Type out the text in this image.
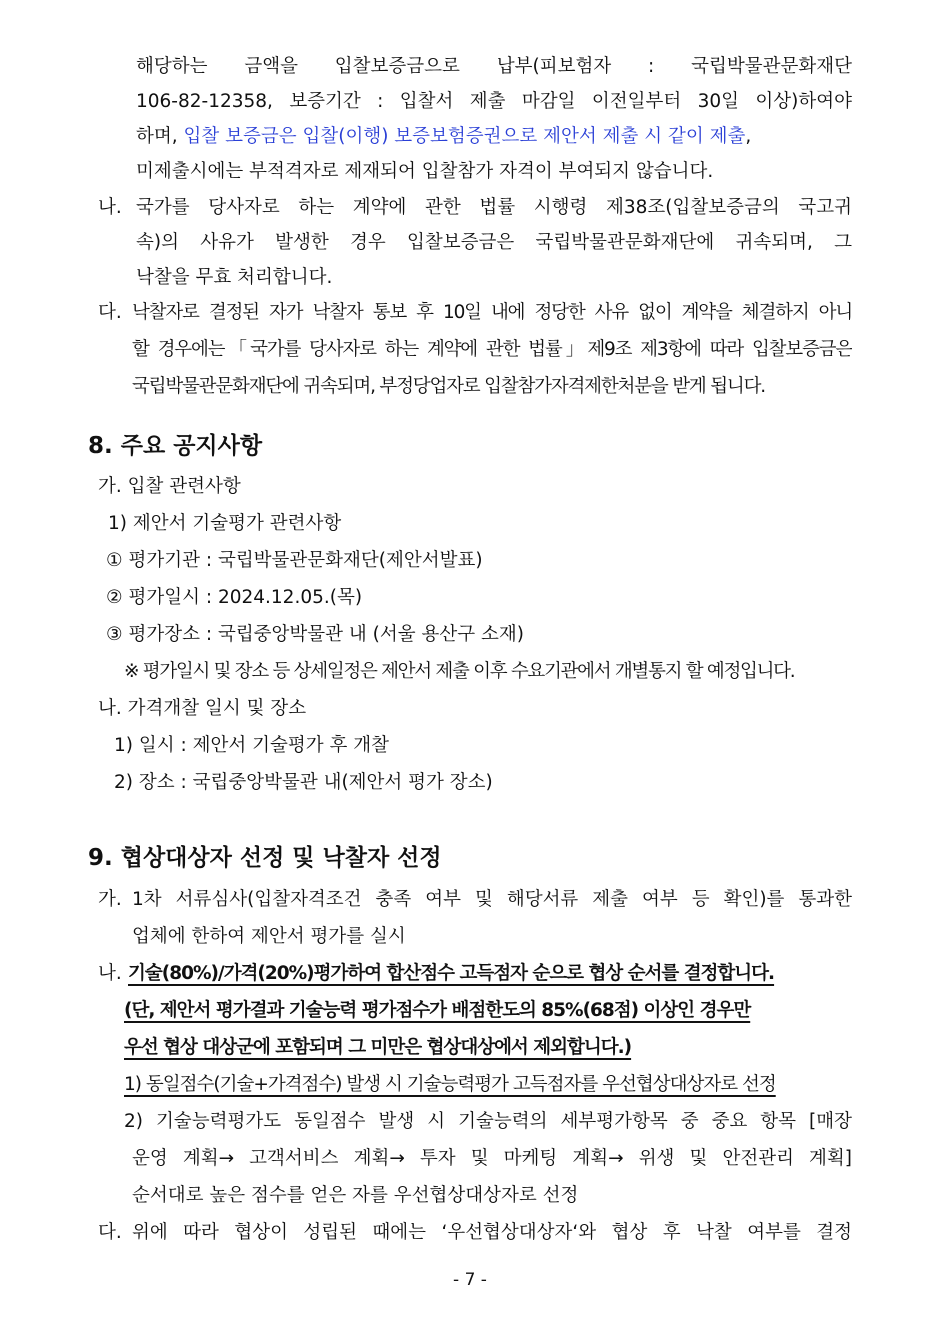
해당하는 금액을 입찰보증금으로 납부(피보험자 : 국립박물관문화재단
106-82-12358, 보증기간 : 입찰서 제출 마감일 이전일부터 30일 이상)하여야
하며, 입찰 보증금은 입찰(이행) 보증보험증권으로 제안서 제출 시 같이 제출,
미제출시에는 부적격자로 제재되어 입찰참가 자격이 부여되지 않습니다.
나. 국가를 당사자로 하는 계약에 관한 법률 시행령 제38조(입찰보증금의 국고귀
속)의 사유가 발생한 경우 입찰보증금은 국립박물관문화재단에 귀속되며, 그
낙찰을 무효 처리합니다.
다. 낙찰자로 결정된 자가 낙찰자 통보 후 10일 내에 정당한 사유 없이 계약을 체결하지 아니
할 경우에는「국가를 당사자로 하는 계약에 관한 법률」제9조 제3항에 따라 입찰보증금은
국립박물관문화재단에 귀속되며, 부정당업자로 입찰참가자격제한처분을 받게 됩니다.
8. 주요 공지사항
가. 입찰 관련사항
1) 제안서 기술평가 관련사항
① 평가기관 : 국립박물관문화재단(제안서발표)
② 평가일시 : 2024.12.05.(목)
③ 평가장소 : 국립중앙박물관 내 (서울 용산구 소재)
※ 평가일시 및 장소 등 상세일정은 제안서 제출 이후 수요기관에서 개별통지 할 예정입니다.
나. 가격개찰 일시 및 장소
1) 일시 : 제안서 기술평가 후 개찰
2) 장소 : 국립중앙박물관 내(제안서 평가 장소)
9. 협상대상자 선정 및 낙찰자 선정
가. 1차 서류심사(입찰자격조건 충족 여부 및 해당서류 제출 여부 등 확인)를 통과한
업체에 한하여 제안서 평가를 실시
나. 기술(80%)/가격(20%)평가하여 합산점수 고득점자 순으로 협상 순서를 결정합니다.
(단, 제안서 평가결과 기술능력 평가점수가 배점한도의 85%(68점) 이상인 경우만
우선 협상 대상군에 포함되며 그 미만은 협상대상에서 제외합니다.)
1) 동일점수(기술+가격점수) 발생 시 기술능력평가 고득점자를 우선협상대상자로 선정
2) 기술능력평가도 동일점수 발생 시 기술능력의 세부평가항목 중 중요 항목 [매장
운영 계획→ 고객서비스 계획→ 투자 및 마케팅 계획→ 위생 및 안전관리 계획]
순서대로 높은 점수를 얻은 자를 우선협상대상자로 선정
다. 위에 따라 협상이 성립된 때에는 ‘우선협상대상자‘와 협상 후 낙찰 여부를 결정
- 7 -
